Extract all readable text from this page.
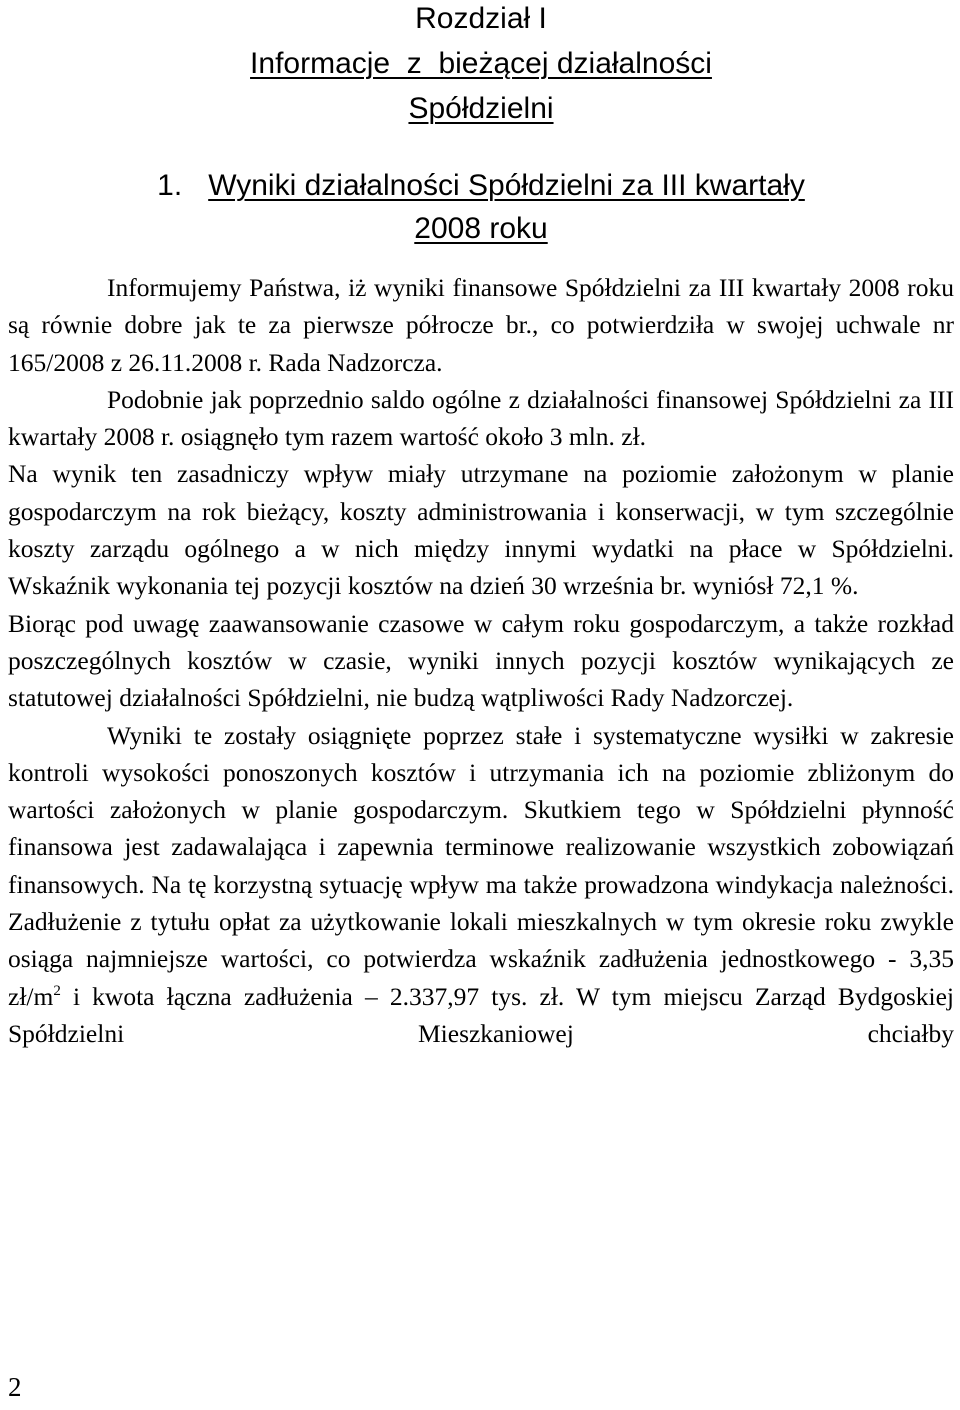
Rozdział I
Informacje  z  bieżącej działalności
Spółdzielni
1. Wyniki działalności Spółdzielni za III kwartały
2008 roku

Informujemy Państwa, iż wyniki finansowe Spółdzielni za III kwartały 2008 roku są równie dobre jak te za pierwsze półrocze br., co potwierdziła w swojej uchwale nr 165/2008 z 26.11.2008 r. Rada Nadzorcza.

Podobnie jak poprzednio saldo ogólne z działalności finansowej Spółdzielni za III kwartały 2008 r. osiągnęło tym razem wartość około 3 mln. zł.

Na wynik ten zasadniczy wpływ miały utrzymane na poziomie założonym w planie gospodarczym na rok bieżący, koszty administrowania i konserwacji, w tym szczególnie koszty zarządu ogólnego a w nich między innymi wydatki na płace w Spółdzielni. Wskaźnik wykonania tej pozycji kosztów na dzień 30 września br. wyniósł 72,1 %.

Biorąc pod uwagę zaawansowanie czasowe w całym roku gospodarczym, a także rozkład poszczególnych kosztów w czasie, wyniki innych pozycji kosztów wynikających ze statutowej działalności Spółdzielni, nie budzą wątpliwości Rady Nadzorczej.

Wyniki te zostały osiągnięte poprzez stałe i systematyczne wysiłki w zakresie kontroli wysokości ponoszonych kosztów i utrzymania ich na poziomie zbliżonym do wartości założonych w planie gospodarczym. Skutkiem tego w Spółdzielni płynność finansowa jest zadawalająca i zapewnia terminowe realizowanie wszystkich zobowiązań finansowych. Na tę korzystną sytuację wpływ ma także prowadzona windykacja należności. Zadłużenie z tytułu opłat za użytkowanie lokali mieszkalnych w tym okresie roku zwykle osiąga najmniejsze wartości, co potwierdza wskaźnik zadłużenia jednostkowego - 3,35 $zł/m^2$ i kwota łączna zadłużenia – 2.337,97 tys. zł. W tym miejscu Zarząd Bydgoskiej Spółdzielni Mieszkaniowej chciałby

2
